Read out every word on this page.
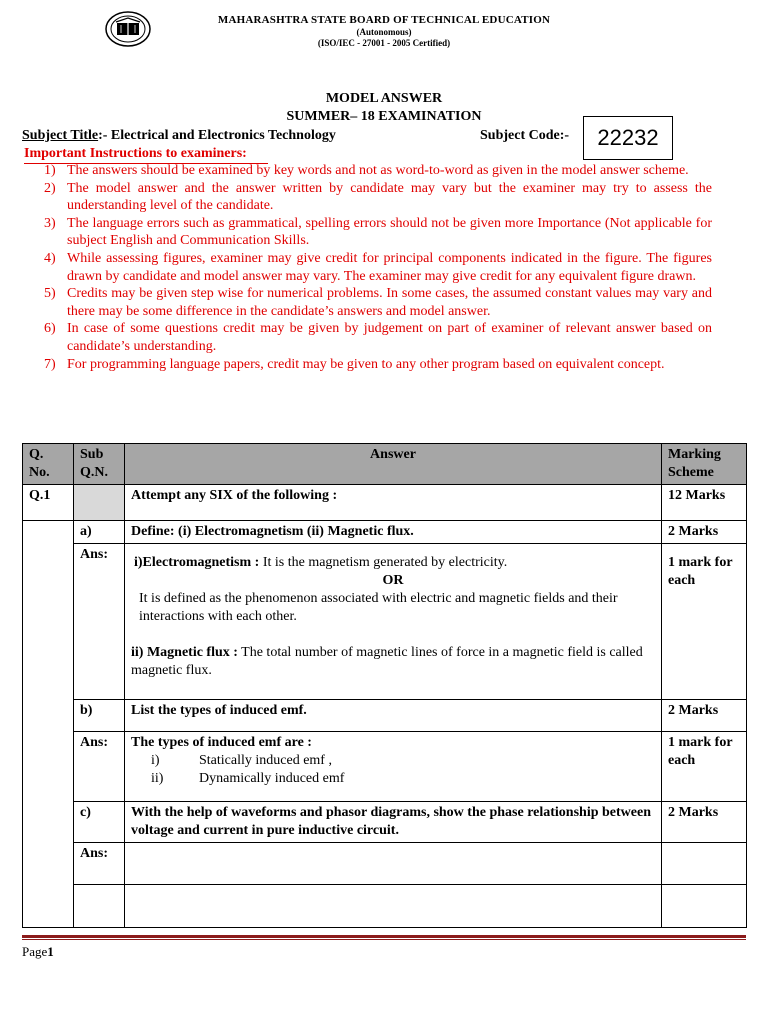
MAHARASHTRA STATE BOARD OF TECHNICAL EDUCATION
(Autonomous)
(ISO/IEC - 27001 - 2005 Certified)
MODEL ANSWER
SUMMER– 18 EXAMINATION
Subject Title:- Electrical and Electronics Technology	Subject Code:-	22232
Important Instructions to examiners:
1) The answers should be examined by key words and not as word-to-word as given in the model answer scheme.
2) The model answer and the answer written by candidate may vary but the examiner may try to assess the understanding level of the candidate.
3) The language errors such as grammatical, spelling errors should not be given more Importance (Not applicable for subject English and Communication Skills.
4) While assessing figures, examiner may give credit for principal components indicated in the figure. The figures drawn by candidate and model answer may vary. The examiner may give credit for any equivalent figure drawn.
5) Credits may be given step wise for numerical problems. In some cases, the assumed constant values may vary and there may be some difference in the candidate’s answers and model answer.
6) In case of some questions credit may be given by judgement on part of examiner of relevant answer based on candidate’s understanding.
7) For programming language papers, credit may be given to any other program based on equivalent concept.
Q. No.	Sub Q.N.	Answer	Marking Scheme
Q.1		Attempt any SIX of the following :	12 Marks
	a)	Define: (i) Electromagnetism (ii) Magnetic flux.	2 Marks
	Ans:	i)Electromagnetism : It is the magnetism generated by electricity.
OR
It is defined as the phenomenon associated with electric and magnetic fields and their interactions with each other.
ii) Magnetic flux : The total number of magnetic lines of force in a magnetic field is called magnetic flux.	1 mark for each
	b)	List the types of induced emf.	2 Marks
	Ans:	The types of induced emf are :
i) Statically induced emf ,
ii) Dynamically induced emf	1 mark for each
	c)	With the help of waveforms and phasor diagrams, show the phase relationship between voltage and current in pure inductive circuit.	2 Marks
	Ans:		

Page1
